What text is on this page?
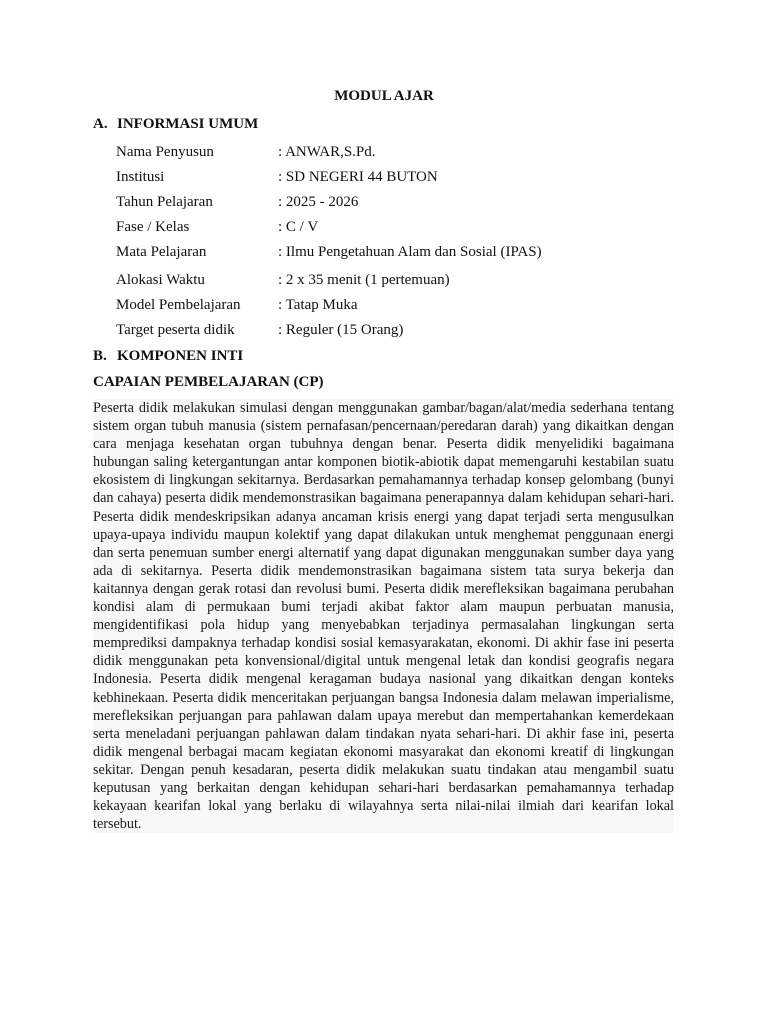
MODUL AJAR
A. INFORMASI UMUM
Nama Penyusun	: ANWAR,S.Pd.
Institusi	: SD NEGERI 44 BUTON
Tahun Pelajaran	: 2025 - 2026
Fase / Kelas	: C / V
Mata Pelajaran	: Ilmu Pengetahuan Alam dan Sosial (IPAS)
Alokasi Waktu	: 2 x 35 menit (1 pertemuan)
Model Pembelajaran : Tatap Muka
Target peserta didik	: Reguler (15 Orang)
B. KOMPONEN INTI
CAPAIAN PEMBELAJARAN (CP)

Peserta didik melakukan simulasi dengan menggunakan gambar/bagan/alat/media sederhana tentang sistem organ tubuh manusia (sistem pernafasan/pencernaan/peredaran darah) yang dikaitkan dengan cara menjaga kesehatan organ tubuhnya dengan benar. Peserta didik menyelidiki bagaimana hubungan saling ketergantungan antar komponen biotik-abiotik dapat memengaruhi kestabilan suatu ekosistem di lingkungan sekitarnya. Berdasarkan pemahamannya terhadap konsep gelombang (bunyi dan cahaya) peserta didik mendemonstrasikan bagaimana penerapannya dalam kehidupan sehari-hari. Peserta didik mendeskripsikan adanya ancaman krisis energi yang dapat terjadi serta mengusulkan upaya-upaya individu maupun kolektif yang dapat dilakukan untuk menghemat penggunaan energi dan serta penemuan sumber energi alternatif yang dapat digunakan menggunakan sumber daya yang ada di sekitarnya. Peserta didik mendemonstrasikan bagaimana sistem tata surya bekerja dan kaitannya dengan gerak rotasi dan revolusi bumi. Peserta didik merefleksikan bagaimana perubahan kondisi alam di permukaan bumi terjadi akibat faktor alam maupun perbuatan manusia, mengidentifikasi pola hidup yang menyebabkan terjadinya permasalahan lingkungan serta memprediksi dampaknya terhadap kondisi sosial kemasyarakatan, ekonomi. Di akhir fase ini peserta didik menggunakan peta konvensional/digital untuk mengenal letak dan kondisi geografis negara Indonesia. Peserta didik mengenal keragaman budaya nasional yang dikaitkan dengan konteks kebhinekaan. Peserta didik menceritakan perjuangan bangsa Indonesia dalam melawan imperialisme, merefleksikan perjuangan para pahlawan dalam upaya merebut dan mempertahankan kemerdekaan serta meneladani perjuangan pahlawan dalam tindakan nyata sehari-hari. Di akhir fase ini, peserta didik mengenal berbagai macam kegiatan ekonomi masyarakat dan ekonomi kreatif di lingkungan sekitar. Dengan penuh kesadaran, peserta didik melakukan suatu tindakan atau mengambil suatu keputusan yang berkaitan dengan kehidupan sehari-hari berdasarkan pemahamannya terhadap kekayaan kearifan lokal yang berlaku di wilayahnya serta nilai-nilai ilmiah dari kearifan lokal tersebut.
